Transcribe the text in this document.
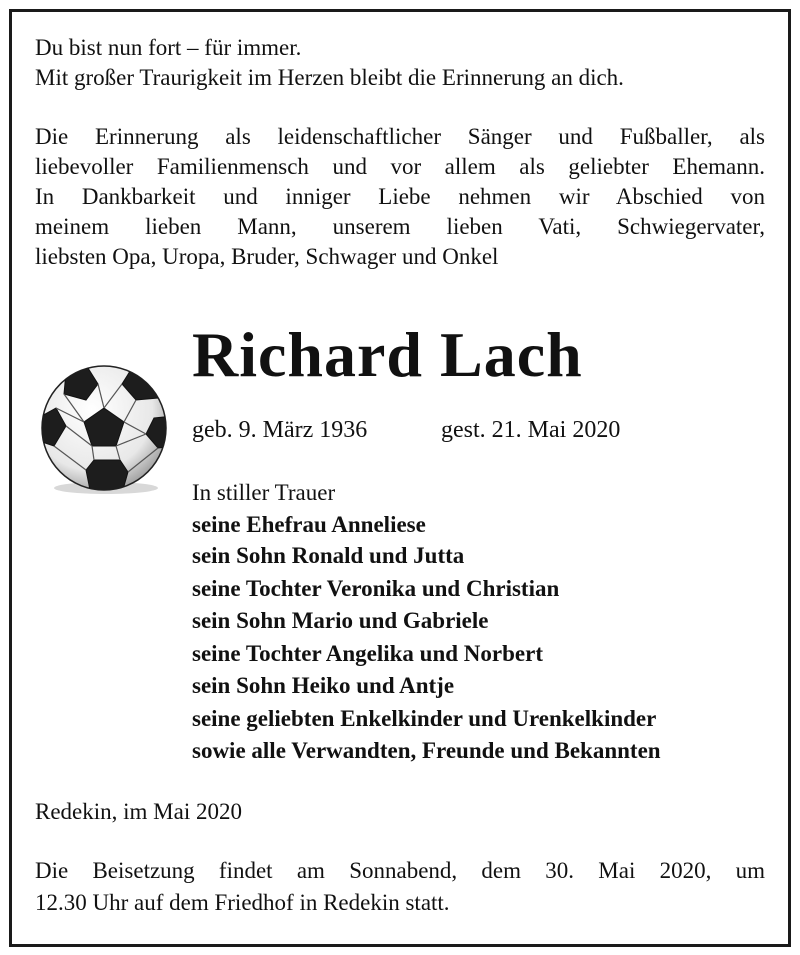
Du bist nun fort – für immer.
Mit großer Traurigkeit im Herzen bleibt die Erinnerung an dich.
Die Erinnerung als leidenschaftlicher Sänger und Fußballer, als
liebevoller Familienmensch und vor allem als geliebter Ehemann.
In Dankbarkeit und inniger Liebe nehmen wir Abschied von
meinem lieben Mann, unserem lieben Vati, Schwiegervater,
liebsten Opa, Uropa, Bruder, Schwager und Onkel
Richard Lach
geb. 9. März 1936	gest. 21. Mai 2020
In stiller Trauer
seine Ehefrau Anneliese
sein Sohn Ronald und Jutta
seine Tochter Veronika und Christian
sein Sohn Mario und Gabriele
seine Tochter Angelika und Norbert
sein Sohn Heiko und Antje
seine geliebten Enkelkinder und Urenkelkinder
sowie alle Verwandten, Freunde und Bekannten
Redekin, im Mai 2020
Die Beisetzung findet am Sonnabend, dem 30. Mai 2020, um
12.30 Uhr auf dem Friedhof in Redekin statt.
